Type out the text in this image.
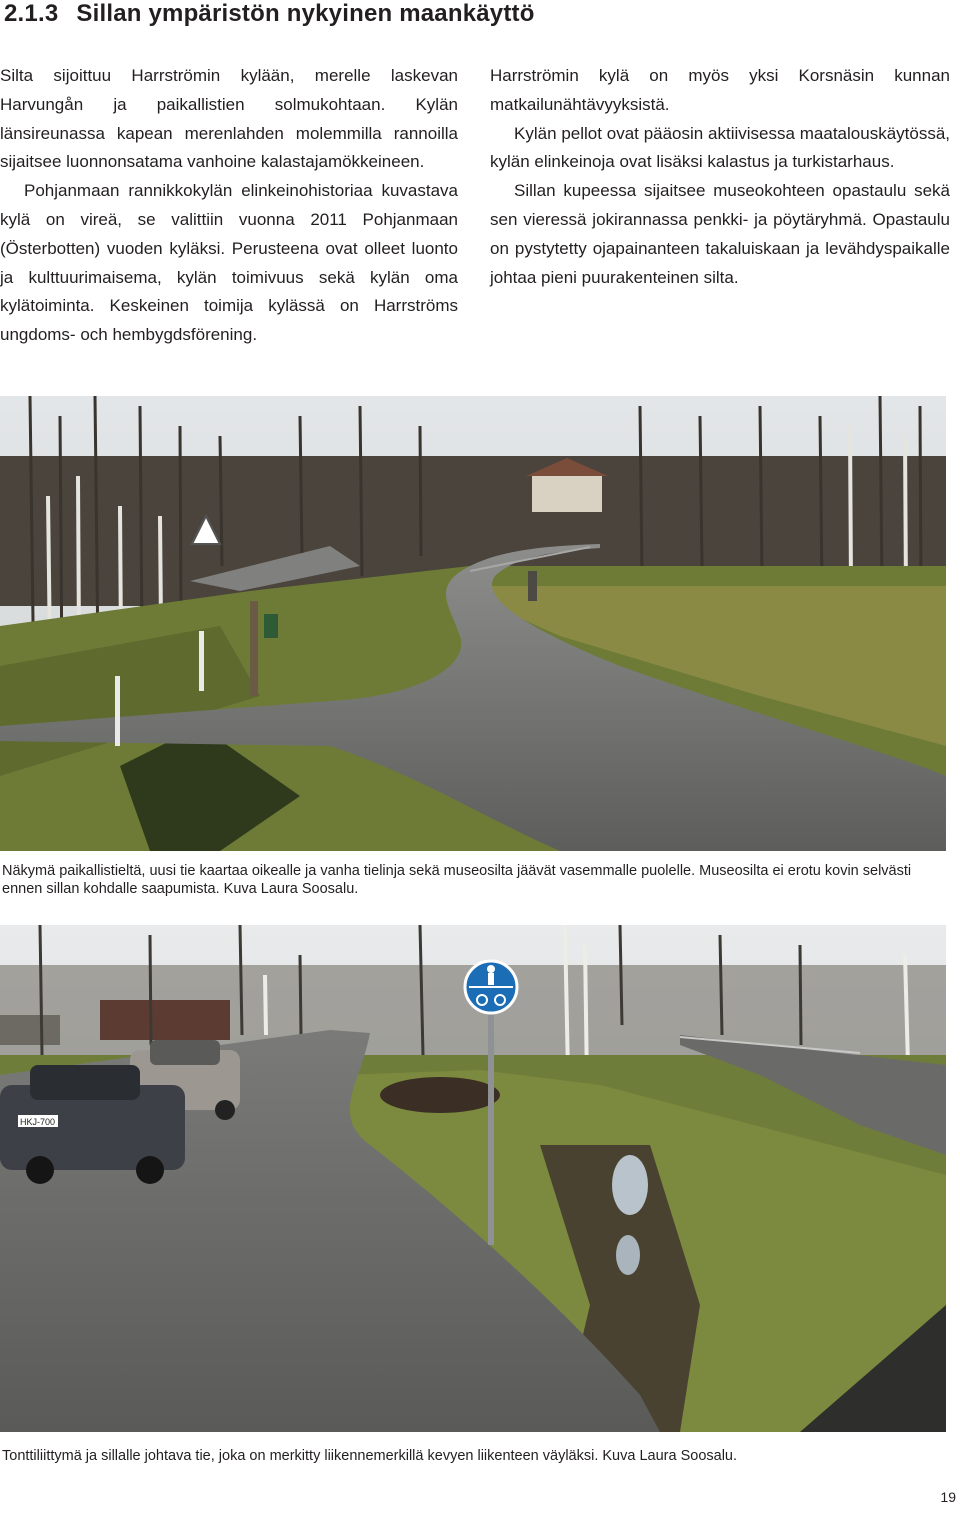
2.1.3 Sillan ympäristön nykyinen maankäyttö

Silta sijoittuu Harrströmin kylään, merelle laskevan Harvungån ja paikallistien solmukohtaan. Kylän länsireunassa kapean merenlahden molemmilla rannoilla sijaitsee luonnonsatama vanhoine kalastajamökkeineen.

Pohjanmaan rannikkokylän elinkeinohistoriaa kuvastava kylä on vireä, se valittiin vuonna 2011 Pohjanmaan (Österbotten) vuoden kyläksi. Perusteena ovat olleet luonto ja kulttuurimaisema, kylän toimivuus sekä kylän oma kylätoiminta. Keskeinen toimija kylässä on Harrströms ungdoms- och hembygdsförening.

Harrströmin kylä on myös yksi Korsnäsin kunnan matkailunähtävyyksistä.

Kylän pellot ovat pääosin aktiivisessa maatalouskäytössä, kylän elinkeinoja ovat lisäksi kalastus ja turkistarhaus.

Sillan kupeessa sijaitsee museokohteen opastaulu sekä sen vieressä jokirannassa penkki- ja pöytäryhmä. Opastaulu on pystytetty ojapainanteen takaluiskaan ja levähdyspaikalle johtaa pieni puurakenteinen silta.

Näkymä paikallistieltä, uusi tie kaartaa oikealle ja vanha tielinja sekä museosilta jäävät vasemmalle puolelle. Museosilta ei erotu kovin selvästi ennen sillan kohdalle saapumista. Kuva Laura Soosalu.
HKJ-700
Tonttiliittymä ja sillalle johtava tie, joka on merkitty liikennemerkillä kevyen liikenteen väyläksi. Kuva Laura Soosalu.
19
